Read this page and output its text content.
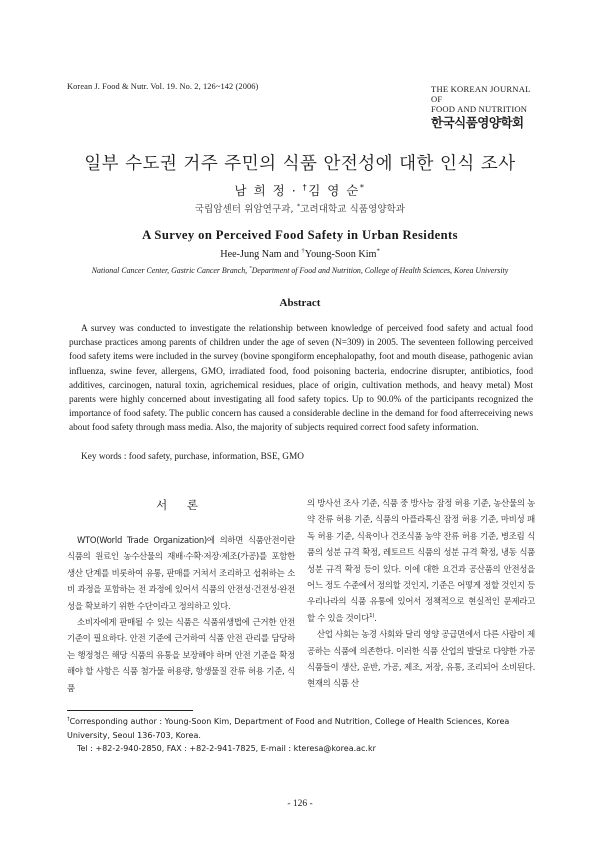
Korean J. Food & Nutr. Vol. 19. No. 2, 126~142 (2006)	THE KOREAN JOURNAL OF
FOOD AND NUTRITION
한국식품영양학회
일부 수도권 거주 주민의 식품 안전성에 대한 인식 조사
남 희 정 · †김 영 순*
국립암센터 위암연구과, *고려대학교 식품영양학과
A Survey on Perceived Food Safety in Urban Residents
Hee-Jung Nam and †Young-Soon Kim*
National Cancer Center, Gastric Cancer Branch, *Department of Food and Nutrition, College of Health Sciences, Korea University
Abstract
A survey was conducted to investigate the relationship between knowledge of perceived food safety and actual food purchase practices among parents of children under the age of seven (N=309) in 2005. The seventeen following perceived food safety items were included in the survey (bovine spongiform encephalopathy, foot and mouth disease, pathogenic avian influenza, swine fever, allergens, GMO, irradiated food, food poisoning bacteria, endocrine disrupter, antibiotics, food additives, carcinogen, natural toxin, agrichemical residues, place of origin, cultivation methods, and heavy metal) Most parents were highly concerned about investigating all food safety topics. Up to 90.0% of the participants recognized the importance of food safety. The public concern has caused a considerable decline in the demand for food afterreceiving news about food safety through mass media. Also, the majority of subjects required correct food safety information.
Key words : food safety, purchase, information, BSE, GMO
서 론

WTO(World Trade Organization)에 의하면 식품안전이란 식품의 원료인 농수산물의 재배·수확·저장·제조(가공)를 포함한 생산 단계를 비롯하여 유통, 판매를 거쳐서 조리하고 섭취하는 소비 과정을 포함하는 전 과정에 있어서 식품의 안전성·건전성·완전성을 확보하기 위한 수단이라고 정의하고 있다.

소비자에게 판매될 수 있는 식품은 식품위생법에 근거한 안전 기준이 필요하다. 안전 기준에 근거하여 식품 안전 관리를 담당하는 행정청은 해당 식품의 유통을 보장해야 하며 안전 기준을 확정해야 할 사항은 식품 첨가물 허용량, 항생물질 잔류 허용 기준, 식품

의 방사선 조사 기준, 식품 중 방사능 잠정 허용 기준, 농산물의 농약 잔류 허용 기준, 식품의 아플라톡신 잠정 허용 기준, 마비성 패독 허용 기준, 식육이나 건조식품 농약 잔류 허용 기준, 병조림 식품의 성분 규격 확정, 레토르트 식품의 성분 규격 확정, 냉동 식품 성분 규격 확정 등이 있다. 이에 대한 요건과 공산품의 안전성을 어느 정도 수준에서 정의할 것인지, 기준은 어떻게 정할 것인지 등 우리나라의 식품 유통에 있어서 정책적으로 현실적인 문제라고 할 수 있을 것이다$^{1)}$.

산업 사회는 농경 사회와 달리 영양 공급면에서 다른 사람이 제공하는 식품에 의존한다. 이러한 식품 산업의 발달로 다양한 가공 식품들이 생산, 운반, 가공, 제조, 저장, 유통, 조리되어 소비된다. 현재의 식품 산

†Corresponding author : Young-Soon Kim, Department of Food and Nutrition, College of Health Sciences, Korea University, Seoul 136-703, Korea.
Tel : +82-2-940-2850, FAX : +82-2-941-7825, E-mail : kteresa@korea.ac.kr
- 126 -
